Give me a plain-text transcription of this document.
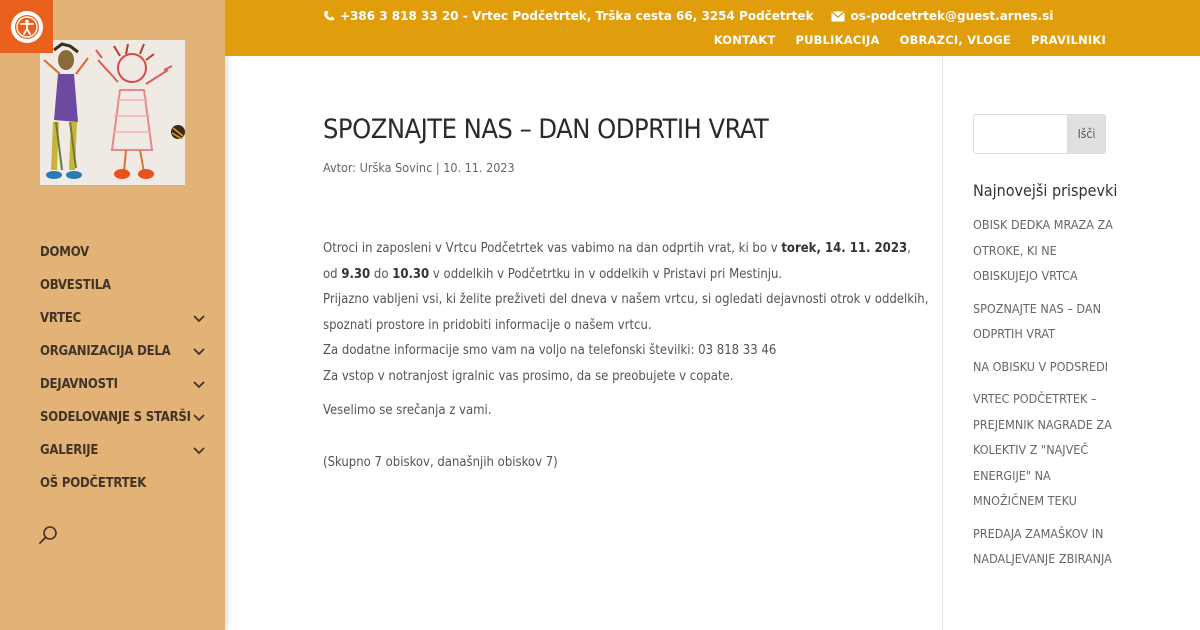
DOMOV
OBVESTILA
VRTEC
ORGANIZACIJA DELA
DEJAVNOSTI
SODELOVANJE S STARŠI
GALERIJE
OŠ PODČETRTEK
+386 3 818 33 20 - Vrtec Podčetrtek, Trška cesta 66, 3254 Podčetrtek	os-podcetrtek@guest.arnes.si
KONTAKT PUBLIKACIJA OBRAZCI, VLOGE PRAVILNIKI
SPOZNAJTE NAS – DAN ODPRTIH VRAT
Avtor: Urška Sovinc | 10. 11. 2023
Otroci in zaposleni v Vrtcu Podčetrtek vas vabimo na dan odprtih vrat, ki bo v torek, 14. 11. 2023,
od 9.30 do 10.30 v oddelkih v Podčetrtku in v oddelkih v Pristavi pri Mestinju.
Prijazno vabljeni vsi, ki želite preživeti del dneva v našem vrtcu, si ogledati dejavnosti otrok v oddelkih,
spoznati prostore in pridobiti informacije o našem vrtcu.
Za dodatne informacije smo vam na voljo na telefonski številki: 03 818 33 46
Za vstop v notranjost igralnic vas prosimo, da se preobujete v copate.
Veselimo se srečanja z vami.
(Skupno 7 obiskov, današnjih obiskov 7)
Išči
Najnovejši prispevki
OBISK DEDKA MRAZA ZA OTROKE, KI NE OBISKUJEJO VRTCA
SPOZNAJTE NAS – DAN ODPRTIH VRAT
NA OBISKU V PODSREDI
VRTEC PODČETRTEK – PREJEMNIK NAGRADE ZA KOLEKTIV Z "NAJVEČ ENERGIJE" NA MNOŽIČNEM TEKU
PREDAJA ZAMAŠKOV IN NADALJEVANJE ZBIRANJA
